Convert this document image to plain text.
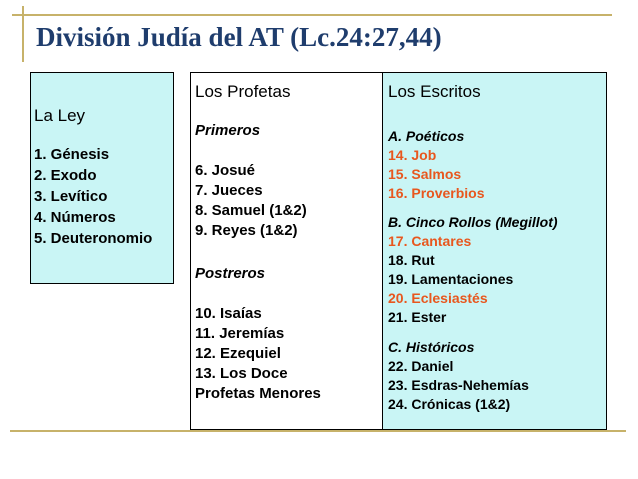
División Judía del AT (Lc.24:27,44)
La Ley
1. Génesis
2. Exodo
3. Levítico
4. Números
5. Deuteronomio
Los Profetas
Primeros
6. Josué
7. Jueces
8. Samuel (1&2)
9. Reyes (1&2)
Postreros
10. Isaías
11. Jeremías
12. Ezequiel
13. Los Doce
Profetas Menores
Los Escritos
A. Poéticos
14. Job
15. Salmos
16. Proverbios
B. Cinco Rollos (Megillot)
17. Cantares
18. Rut
19. Lamentaciones
20. Eclesiastés
21. Ester
C. Históricos
22. Daniel
23. Esdras-Nehemías
24. Crónicas (1&2)
